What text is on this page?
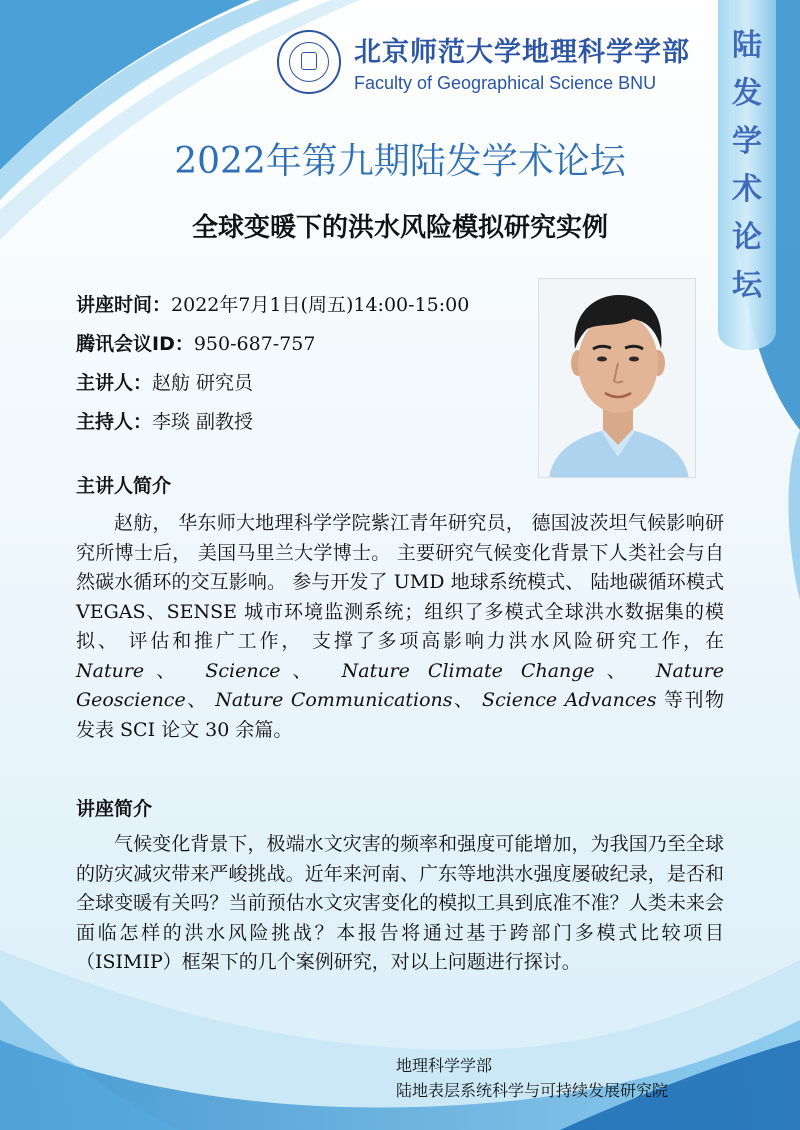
北京师范大学地理科学学部
Faculty of Geographical Science BNU
陆
发
学
术
论
坛
2022年第九期陆发学术论坛
全球变暖下的洪水风险模拟研究实例
讲座时间：2022年7月1日(周五)14:00-15:00
腾讯会议ID：950-687-757
主讲人：赵舫 研究员
主持人：李琰 副教授
主讲人简介
赵舫， 华东师大地理科学学院紫江青年研究员， 德国波茨坦气候影响研究所博士后， 美国马里兰大学博士。 主要研究气候变化背景下人类社会与自然碳水循环的交互影响。 参与开发了 UMD 地球系统模式、 陆地碳循环模式 VEGAS、SENSE 城市环境监测系统；组织了多模式全球洪水数据集的模拟、 评估和推广工作， 支撑了多项高影响力洪水风险研究工作，在 Nature、 Science、 Nature Climate Change、 Nature Geoscience、 Nature Communications、 Science Advances 等刊物发表 SCI 论文 30 余篇。
讲座简介
气候变化背景下，极端水文灾害的频率和强度可能增加，为我国乃至全球的防灾减灾带来严峻挑战。近年来河南、广东等地洪水强度屡破纪录，是否和全球变暖有关吗？当前预估水文灾害变化的模拟工具到底准不准？人类未来会面临怎样的洪水风险挑战？本报告将通过基于跨部门多模式比较项目（ISIMIP）框架下的几个案例研究，对以上问题进行探讨。
地理科学学部
陆地表层系统科学与可持续发展研究院
